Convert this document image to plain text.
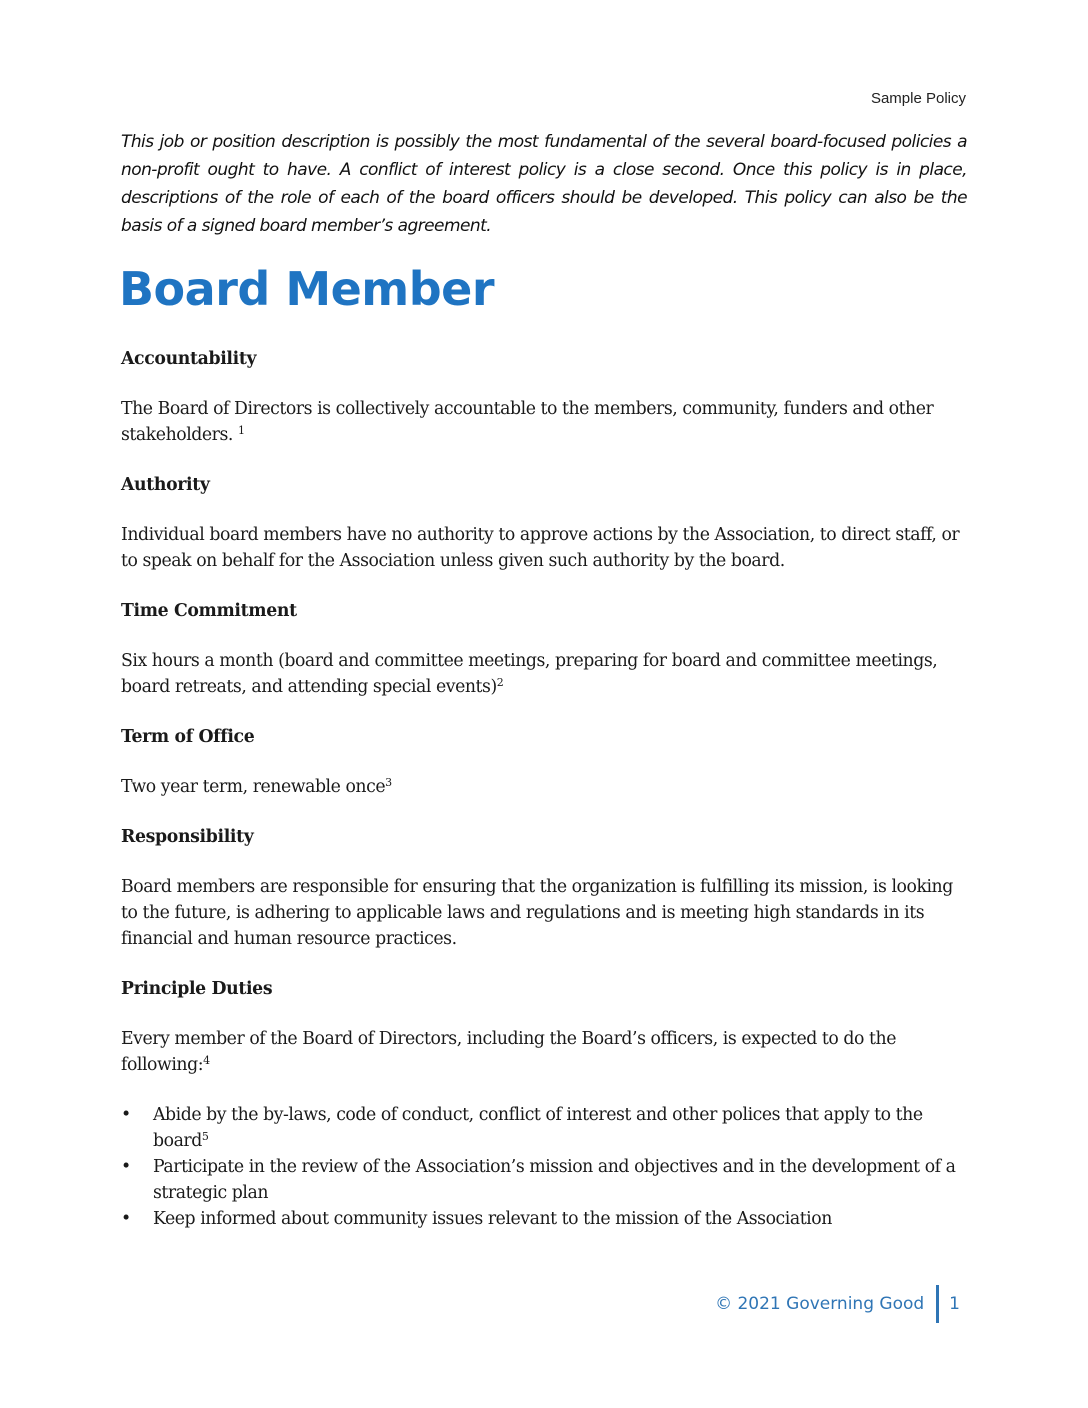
Sample Policy

This job or position description is possibly the most fundamental of the several board-focused policies a non-profit ought to have. A conflict of interest policy is a close second. Once this policy is in place, descriptions of the role of each of the board officers should be developed. This policy can also be the basis of a signed board member’s agreement.

Board Member

Accountability

The Board of Directors is collectively accountable to the members, community, funders and other stakeholders. $^1$

Authority

Individual board members have no authority to approve actions by the Association, to direct staff, or to speak on behalf for the Association unless given such authority by the board.

Time Commitment

Six hours a month (board and committee meetings, preparing for board and committee meetings, board retreats, and attending special events)$^2$

Term of Office

Two year term, renewable once$^3$

Responsibility

Board members are responsible for ensuring that the organization is fulfilling its mission, is looking to the future, is adhering to applicable laws and regulations and is meeting high standards in its financial and human resource practices.

Principle Duties

Every member of the Board of Directors, including the Board’s officers, is expected to do the following:$^4$

• Abide by the by-laws, code of conduct, conflict of interest and other polices that apply to the board$^5$
• Participate in the review of the Association’s mission and objectives and in the development of a strategic plan
• Keep informed about community issues relevant to the mission of the Association
© 2021 Governing Good 1
